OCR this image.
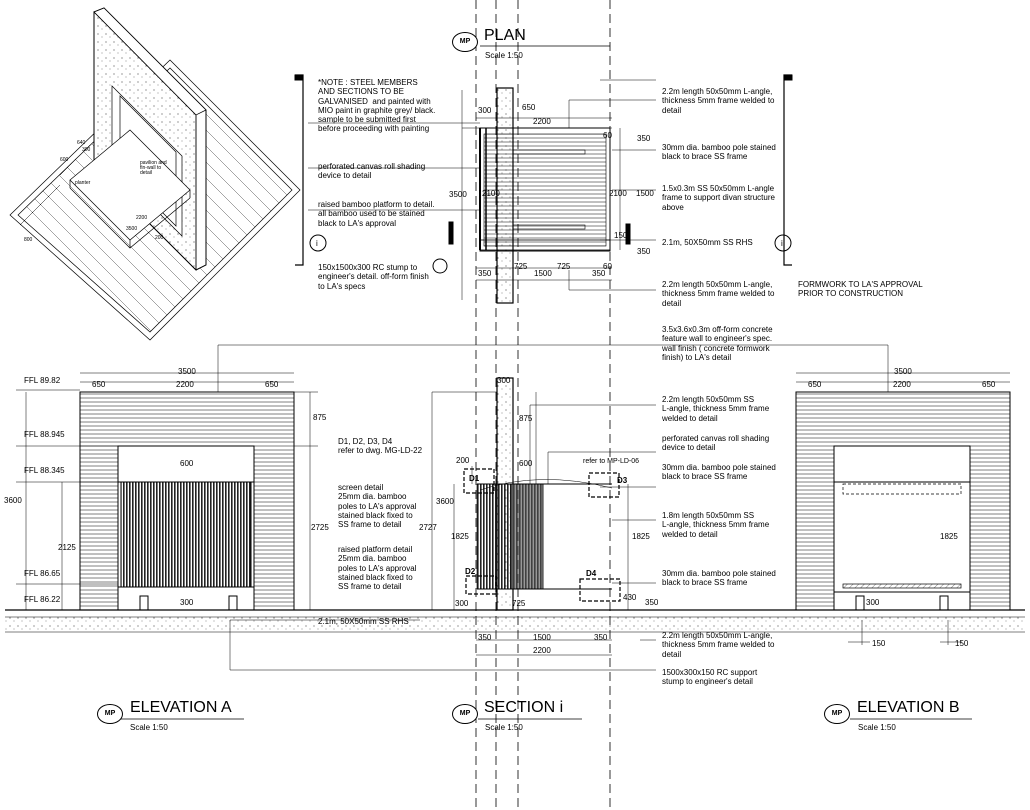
MP PLAN
Scale 1:50
MP ELEVATION A
Scale 1:50
MP SECTION i
Scale 1:50
MP ELEVATION B
Scale 1:50
*NOTE : STEEL MEMBERS
AND SECTIONS TO BE
GALVANISED  and painted with
MIO paint in graphite grey/ black.
sample to be submitted first
before proceeding with painting
perforated canvas roll shading
device to detail
raised bamboo platform to detail.
all bamboo used to be stained
black to LA's approval
150x1500x300 RC stump to
engineer's detail. off-form finish
to LA's specs
2.2m length 50x50mm L-angle,
thickness 5mm frame welded to
detail
30mm dia. bamboo pole stained
black to brace SS frame
1.5x0.3m SS 50x50mm L-angle
frame to support divan structure
above
2.1m, 50X50mm SS RHS
2.2m length 50x50mm L-angle,
thickness 5mm frame welded to
detail
FORMWORK TO LA'S APPROVAL
PRIOR TO CONSTRUCTION
i	i
300	650
2200
60	350
3500 2100	2100 1500
150
350
350
725
1500
725	60
350
pavilion and
fin-wall to
detail
planter
600
640
300
2200
3500
200
800
FFL 89.82
FFL 88.945
FFL 88.345
FFL 86.65
FFL 86.22
3500
650	2200	650
875
600
3600
2125
2725
300
D1, D2, D3, D4
refer to dwg. MG-LD-22
screen detail
25mm dia. bamboo
poles to LA's approval
stained black fixed to
SS frame to detail
raised platform detail
25mm dia. bamboo
poles to LA's approval
stained black fixed to
SS frame to detail
2.1m, 50X50mm SS RHS
300
875
200	600
2727
3600
1825	1825
300	725
430
350
350	1500	350
2200
D1
D2
D3
D4
refer to MP-LD-06
3.5x3.6x0.3m off-form concrete
feature wall to engineer's spec.
wall finish ( concrete formwork
finish) to LA's detail
2.2m length 50x50mm SS
L-angle, thickness 5mm frame
welded to detail
perforated canvas roll shading
device to detail
30mm dia. bamboo pole stained
black to brace SS frame
1.8m length 50x50mm SS
L-angle, thickness 5mm frame
welded to detail
30mm dia. bamboo pole stained
black to brace SS frame
2.2m length 50x50mm L-angle,
thickness 5mm frame welded to
detail
1500x300x150 RC support
stump to engineer's detail
3500
650	2200	650
1825
300
150	150
